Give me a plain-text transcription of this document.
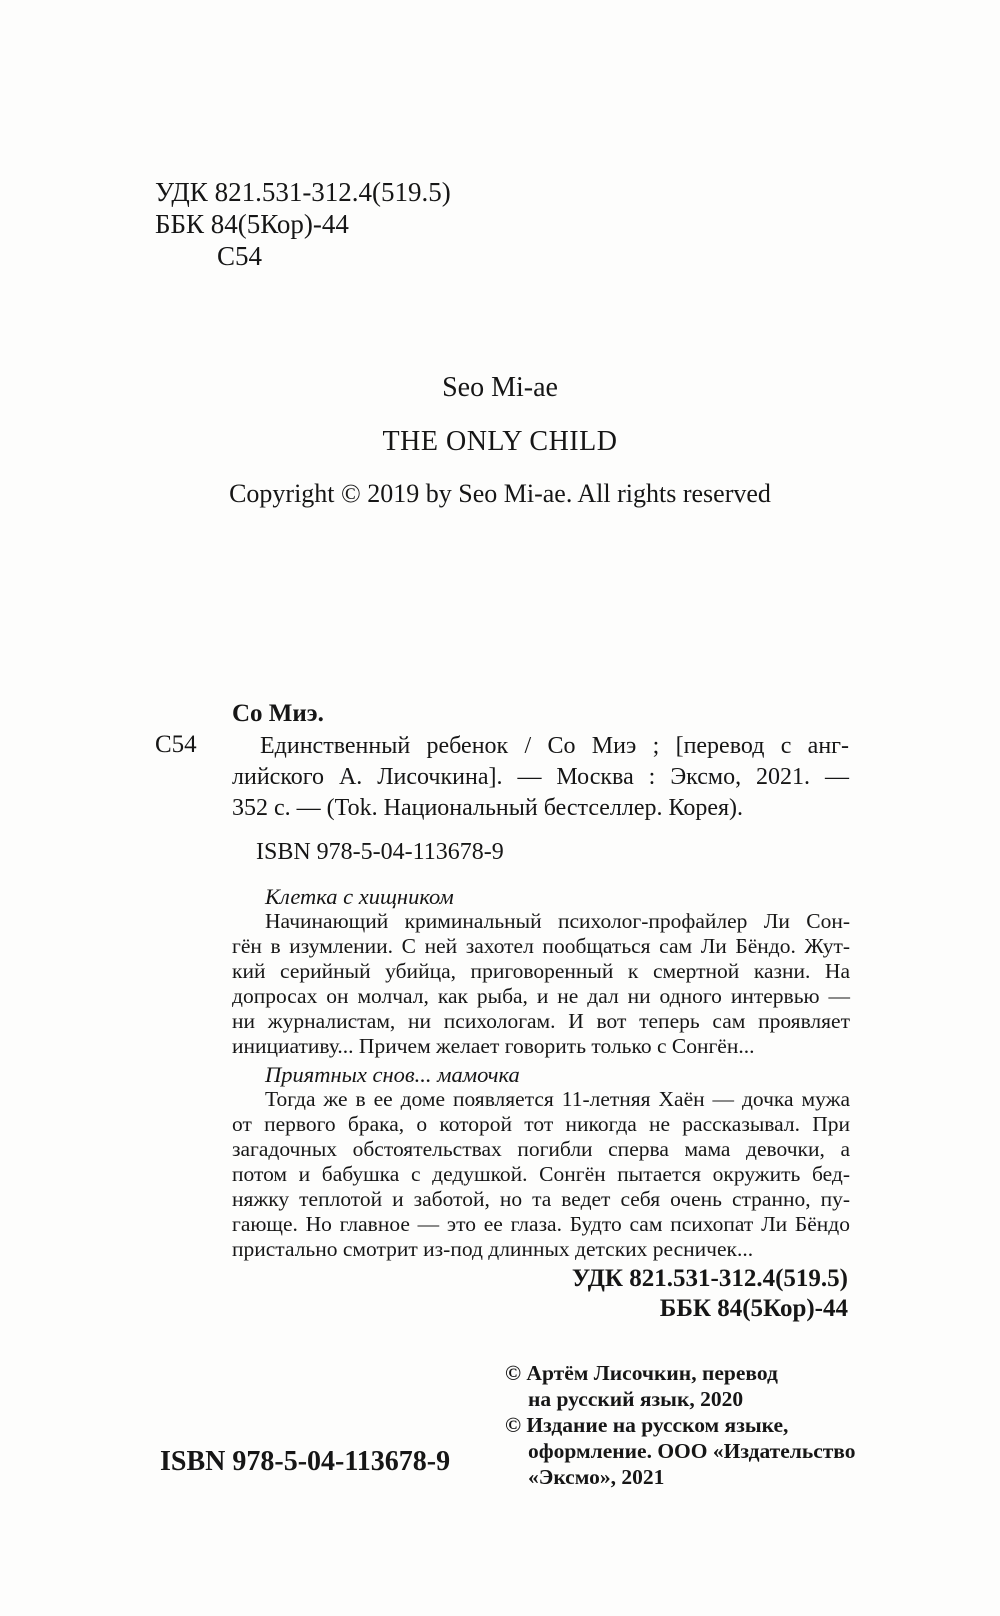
УДК 821.531-312.4(519.5)
ББК 84(5Кор)-44
С54
Seo Mi-ae
THE ONLY CHILD
Copyright © 2019 by Seo Mi-ae. All rights reserved
Со Миэ.
С54	Единственный ребенок / Со Миэ ; [перевод с анг-
лийского А. Лисочкина]. — Москва : Эксмо, 2021. —
352 с. — (Tok. Национальный бестселлер. Корея).
ISBN 978-5-04-113678-9
Клетка с хищником
Начинающий криминальный психолог-профайлер Ли Сон-
гён в изумлении. С ней захотел пообщаться сам Ли Бёндо. Жут-
кий серийный убийца, приговоренный к смертной казни. На
допросах он молчал, как рыба, и не дал ни одного интервью —
ни журналистам, ни психологам. И вот теперь сам проявляет
инициативу... Причем желает говорить только с Сонгён...
Приятных снов... мамочка
Тогда же в ее доме появляется 11-летняя Хаён — дочка мужа
от первого брака, о которой тот никогда не рассказывал. При
загадочных обстоятельствах погибли сперва мама девочки, а
потом и бабушка с дедушкой. Сонгён пытается окружить бед-
няжку теплотой и заботой, но та ведет себя очень странно, пу-
гающе. Но главное — это ее глаза. Будто сам психопат Ли Бёндо
пристально смотрит из-под длинных детских ресничек...
УДК 821.531-312.4(519.5)
ББК 84(5Кор)-44
© Артём Лисочкин, перевод
на русский язык, 2020
© Издание на русском языке,
оформление. ООО «Издательство
«Эксмо», 2021
ISBN 978-5-04-113678-9
